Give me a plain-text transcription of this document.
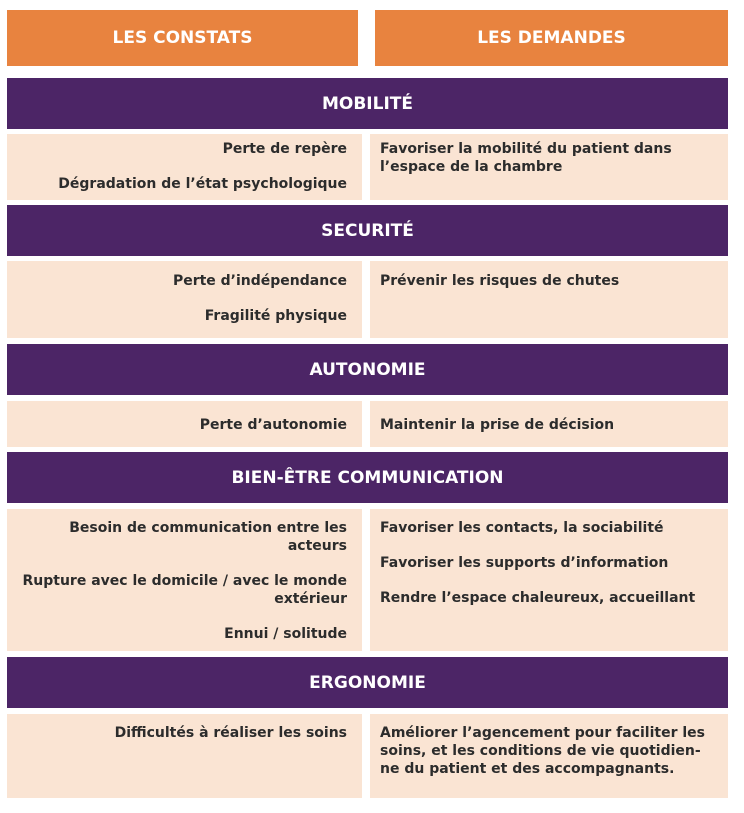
LES CONSTATS	LES DEMANDES
MOBILITÉ
Perte de repère
Dégradation de l’état psychologique
Favoriser la mobilité du patient dans l’espace de la chambre
SECURITÉ
Perte d’indépendance
Fragilité physique
Prévenir les risques de chutes
AUTONOMIE
Perte d’autonomie Maintenir la prise de décision
BIEN-ÊTRE COMMUNICATION
Besoin de communication entre les acteurs
Rupture avec le domicile / avec le monde extérieur
Ennui / solitude
Favoriser les contacts, la sociabilité
Favoriser les supports d’information
Rendre l’espace chaleureux, accueillant
ERGONOMIE
Difficultés à réaliser les soins Améliorer l’agencement pour faciliter les soins, et les conditions de vie quotidien-ne du patient et des accompagnants.
